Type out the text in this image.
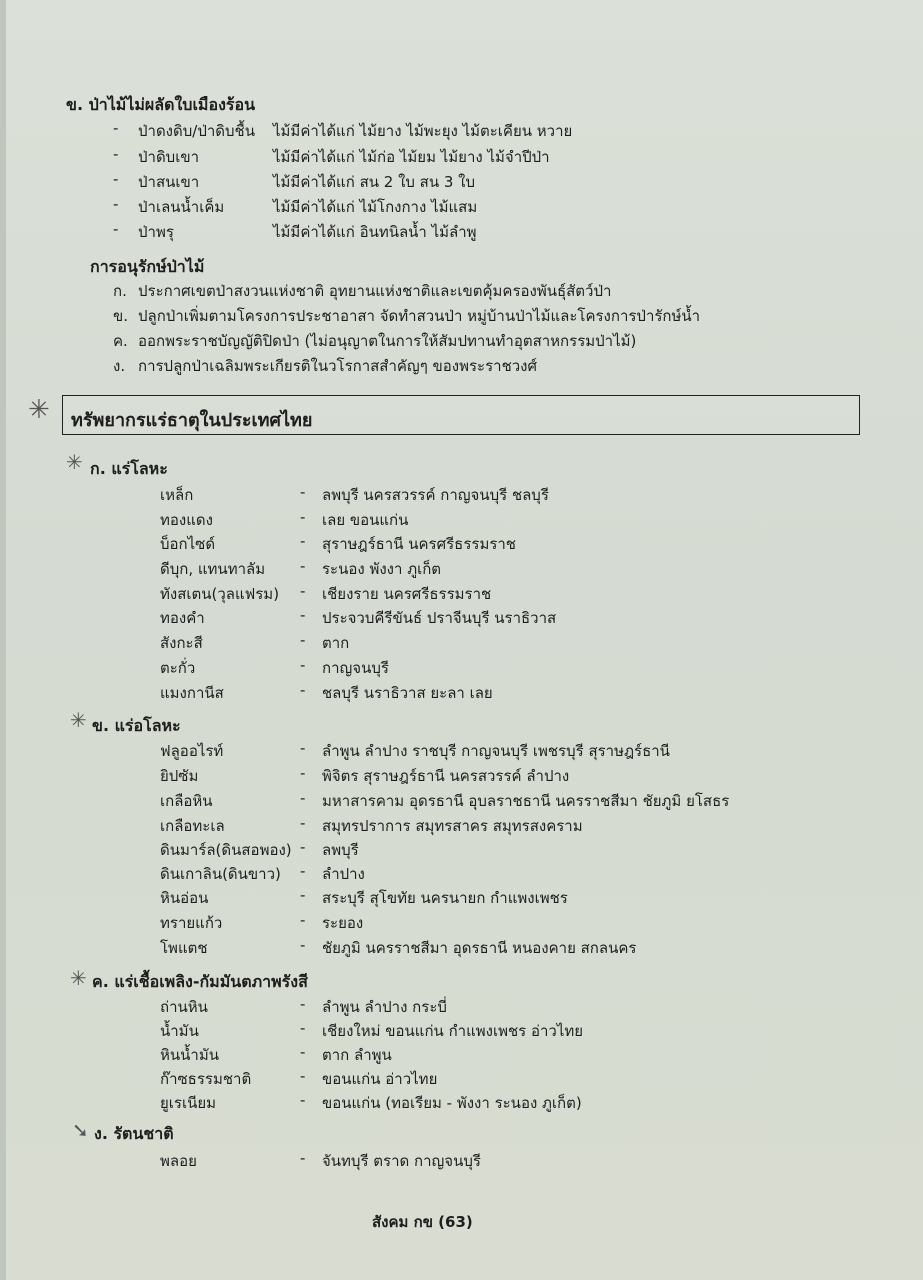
ข. ป่าไม้ไม่ผลัดใบเมืองร้อน
- ป่าดงดิบ/ป่าดิบชื้น ไม้มีค่าได้แก่ ไม้ยาง ไม้พะยุง ไม้ตะเคียน หวาย
- ป่าดิบเขา	ไม้มีค่าได้แก่ ไม้ก่อ ไม้ยม ไม้ยาง ไม้จำปีป่า
- ป่าสนเขา	ไม้มีค่าได้แก่ สน 2 ใบ สน 3 ใบ
- ป่าเลนน้ำเค็ม	ไม้มีค่าได้แก่ ไม้โกงกาง ไม้แสม
- ป่าพรุ	ไม้มีค่าได้แก่ อินทนิลน้ำ ไม้ลำพู
การอนุรักษ์ป่าไม้
ก. ประกาศเขตป่าสงวนแห่งชาติ อุทยานแห่งชาติและเขตคุ้มครองพันธุ์สัตว์ป่า
ข. ปลูกป่าเพิ่มตามโครงการประชาอาสา จัดทำสวนป่า หมู่บ้านป่าไม้และโครงการป่ารักษ์น้ำ
ค. ออกพระราชบัญญัติปิดป่า (ไม่อนุญาตในการให้สัมปทานทำอุตสาหกรรมป่าไม้)
ง. การปลูกป่าเฉลิมพระเกียรติในวโรกาสสำคัญๆ ของพระราชวงศ์
✳ ทรัพยากรแร่ธาตุในประเทศไทย
✳ ก. แร่โลหะ
เหล็ก	- ลพบุรี นครสวรรค์ กาญจนบุรี ชลบุรี
ทองแดง	- เลย ขอนแก่น
บ็อกไซด์	- สุราษฎร์ธานี นครศรีธรรมราช
ดีบุก, แทนทาลัม - ระนอง พังงา ภูเก็ต
ทังสเตน(วุลแฟรม) - เชียงราย นครศรีธรรมราช
ทองคำ	- ประจวบคีรีขันธ์ ปราจีนบุรี นราธิวาส
สังกะสี	- ตาก
ตะกั่ว	- กาญจนบุรี
แมงกานีส	- ชลบุรี นราธิวาส ยะลา เลย
✳ ข. แร่อโลหะ
ฟลูออไรท์	- ลำพูน ลำปาง ราชบุรี กาญจนบุรี เพชรบุรี สุราษฎร์ธานี
ยิปซัม	- พิจิตร สุราษฎร์ธานี นครสวรรค์ ลำปาง
เกลือหิน	- มหาสารคาม อุดรธานี อุบลราชธานี นครราชสีมา ชัยภูมิ ยโสธร
เกลือทะเล	- สมุทรปราการ สมุทรสาคร สมุทรสงคราม
ดินมาร์ล(ดินสอพอง) - ลพบุรี
ดินเกาลิน(ดินขาว) - ลำปาง
หินอ่อน	- สระบุรี สุโขทัย นครนายก กำแพงเพชร
ทรายแก้ว	- ระยอง
โพแตช	- ชัยภูมิ นครราชสีมา อุดรธานี หนองคาย สกลนคร
✳ ค. แร่เชื้อเพลิง-กัมมันตภาพรังสี
ถ่านหิน	- ลำพูน ลำปาง กระบี่
น้ำมัน	- เชียงใหม่ ขอนแก่น กำแพงเพชร อ่าวไทย
หินน้ำมัน	- ตาก ลำพูน
ก๊าซธรรมชาติ	- ขอนแก่น อ่าวไทย
ยูเรเนียม	- ขอนแก่น (ทอเรียม - พังงา ระนอง ภูเก็ต)
➘ ง. รัตนชาติ
พลอย	- จันทบุรี ตราด กาญจนบุรี
สังคม กข (63)
